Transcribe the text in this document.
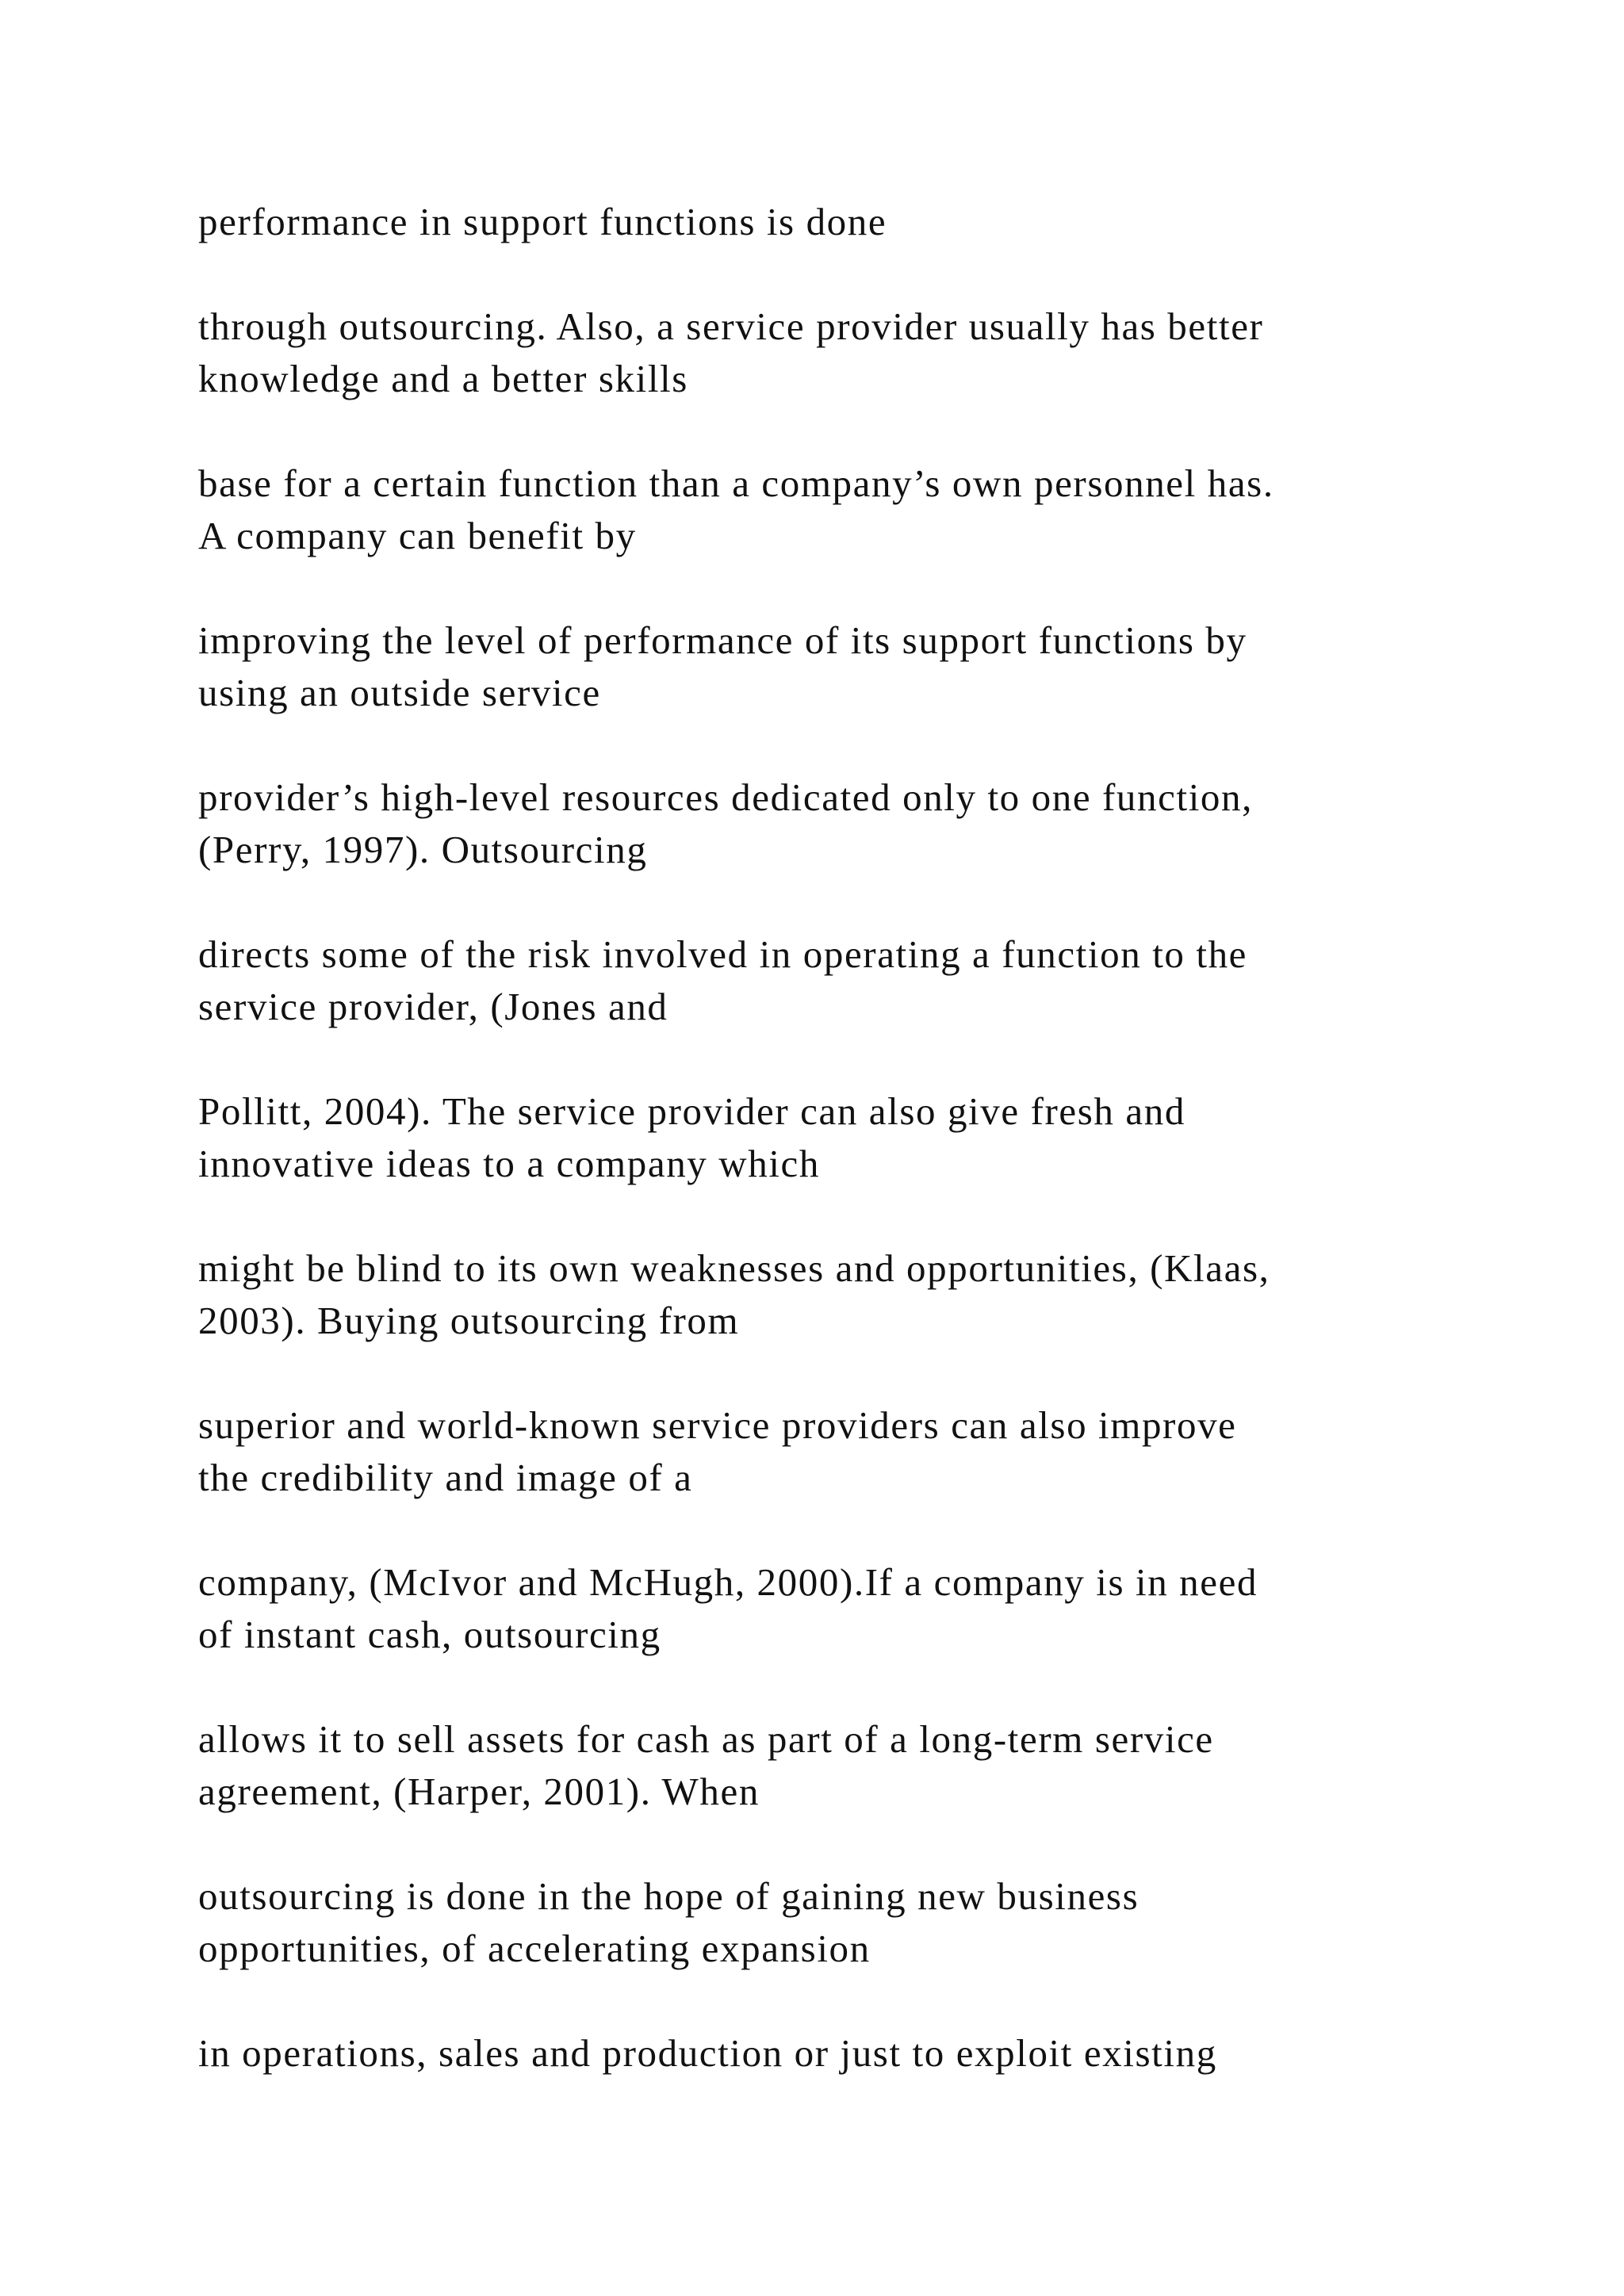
performance in support functions is done

through outsourcing. Also, a service provider usually has better
knowledge and a better skills

base for a certain function than a company’s own personnel has.
A company can benefit by

improving the level of performance of its support functions by
using an outside service

provider’s high-level resources dedicated only to one function,
(Perry, 1997). Outsourcing

directs some of the risk involved in operating a function to the
service provider, (Jones and

Pollitt, 2004). The service provider can also give fresh and
innovative ideas to a company which

might be blind to its own weaknesses and opportunities, (Klaas,
2003). Buying outsourcing from

superior and world-known service providers can also improve
the credibility and image of a

company, (McIvor and McHugh, 2000).If a company is in need
of instant cash, outsourcing

allows it to sell assets for cash as part of a long-term service
agreement, (Harper, 2001). When

outsourcing is done in the hope of gaining new business
opportunities, of accelerating expansion

in operations, sales and production or just to exploit existing
